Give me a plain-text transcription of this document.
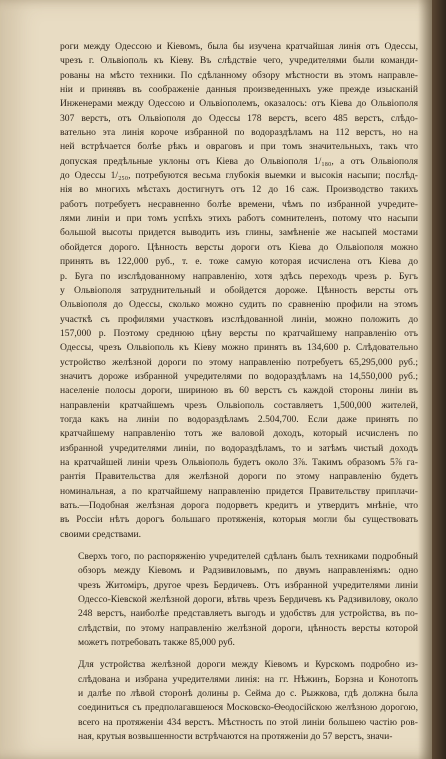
роги между Одессою и Кіевомъ, была бы изучена кратчайшая линія отъ Одессы,
чрезъ г. Ольвіополь къ Кіеву. Въ слѣдствіе чего, учредителями были команди-
рованы на мѣсто техники. По сдѣланному обзору мѣстности въ этомъ направле-
ніи и принявъ въ соображеніе данныя произведенныхъ уже прежде изысканій
Инженерами между Одессою и Ольвіополемъ, оказалось: отъ Кіева до Ольвіополя
307 верстъ, отъ Ольвіополя до Одессы 178 верстъ, всего 485 верстъ, слѣдо-
вательно эта линія короче избранной по водораздѣламъ на 112 верстъ, но на
ней встрѣчается болѣе рѣкъ и овраговъ и при томъ значительныхъ, такъ что
допуская предѣльные уклоны отъ Кіева до Ольвіополя 1/₁₈₀, а отъ Ольвіополя
до Одессы 1/₂₅₀, потребуются весьма глубокія выемки и высокія насыпи; послѣд-
нія во многихъ мѣстахъ достигнутъ отъ 12 до 16 саж. Производство такихъ
работъ потребуетъ несравненно болѣе времени, чѣмъ по избранной учредите-
лями линіи и при томъ успѣхъ этихъ работъ сомнителенъ, потому что насыпи
большой высоты придется выводить изъ глины, замѣненіе же насыпей мостами
обойдется дорого. Цѣнность версты дороги отъ Кіева до Ольвіополя можно
принять въ 122,000 руб., т. е. тоже самую которая исчислена отъ Кіева до
р. Буга по изслѣдованному направленію, хотя здѣсь переходъ чрезъ р. Бугъ
у Ольвіополя затруднительный и обойдется дороже. Цѣнность версты отъ
Ольвіополя до Одессы, сколько можно судить по сравненію профили на этомъ
участкѣ съ профилями участковъ изслѣдованной линіи, можно положить до
157,000 р. Поэтому среднюю цѣну версты по кратчайшему направленію отъ
Одессы, чрезъ Ольвіополь къ Кіеву можно принять въ 134,600 р. Слѣдовательно
устройство желѣзной дороги по этому направленію потребуетъ 65,295,000 руб.;
значитъ дороже избранной учредителями по водораздѣламъ на 14,550,000 руб.;
населеніе полосы дороги, шириною въ 60 верстъ съ каждой стороны линіи въ
направленіи кратчайшемъ чрезъ Ольвіополь составляетъ 1,500,000 жителей,
тогда какъ на линіи по водораздѣламъ 2.504,700. Если даже принять по
кратчайшему направленію тотъ же валовой доходъ, который исчисленъ по
избранной учредителями линіи, по водораздѣламъ, то и затѣмъ чистый доходъ
на кратчайшей линіи чрезъ Ольвіополь будетъ около 3⅞. Такимъ образомъ 5⅞ га-
рантія Правительства для желѣзной дороги по этому направленію будетъ
номинальная, а по кратчайшему направленію придется Правительству приплачи-
вать.—Подобная желѣзная дорога подорветъ кредитъ и утвердитъ мнѣніе, что
въ Россіи нѣтъ дорогъ большаго протяженія, которыя могли бы существовать
своими средствами.

Сверхъ того, по распоряженію учредителей сдѣланъ былъ техниками подробный
обзоръ между Кіевомъ и Радзивиловымъ, по двумъ направленіямъ: одно
чрезъ Житоміръ, другое чрезъ Бердичевъ. Отъ избранной учредителями линіи
Одессо-Кіевской желѣзной дороги, вѣтвь чрезъ Бердичевъ къ Радзивилову, около
248 верстъ, наиболѣе представляетъ выгодъ и удобствъ для устройства, въ по-
слѣдствіи, по этому направленію желѣзной дороги, цѣнность версты которой
можетъ потребовать также 85,000 руб.

Для устройства желѣзной дороги между Кіевомъ и Курскомъ подробно из-
слѣдована и избрана учредителями линія: на гг. Нѣжинъ, Борзна и Конотопъ
и далѣе по лѣвой сторонѣ долины р. Сейма до с. Рыжкова, гдѣ должна была
соединиться съ предполагавшеюся Московско-Ѳеодосійскою желѣзною дорогою,
всего на протяженіи 434 верстъ. Мѣстность по этой линіи большею частію ров-
ная, крутыя возвышенности встрѣчаются на протяженіи до 57 верстъ, значи-
